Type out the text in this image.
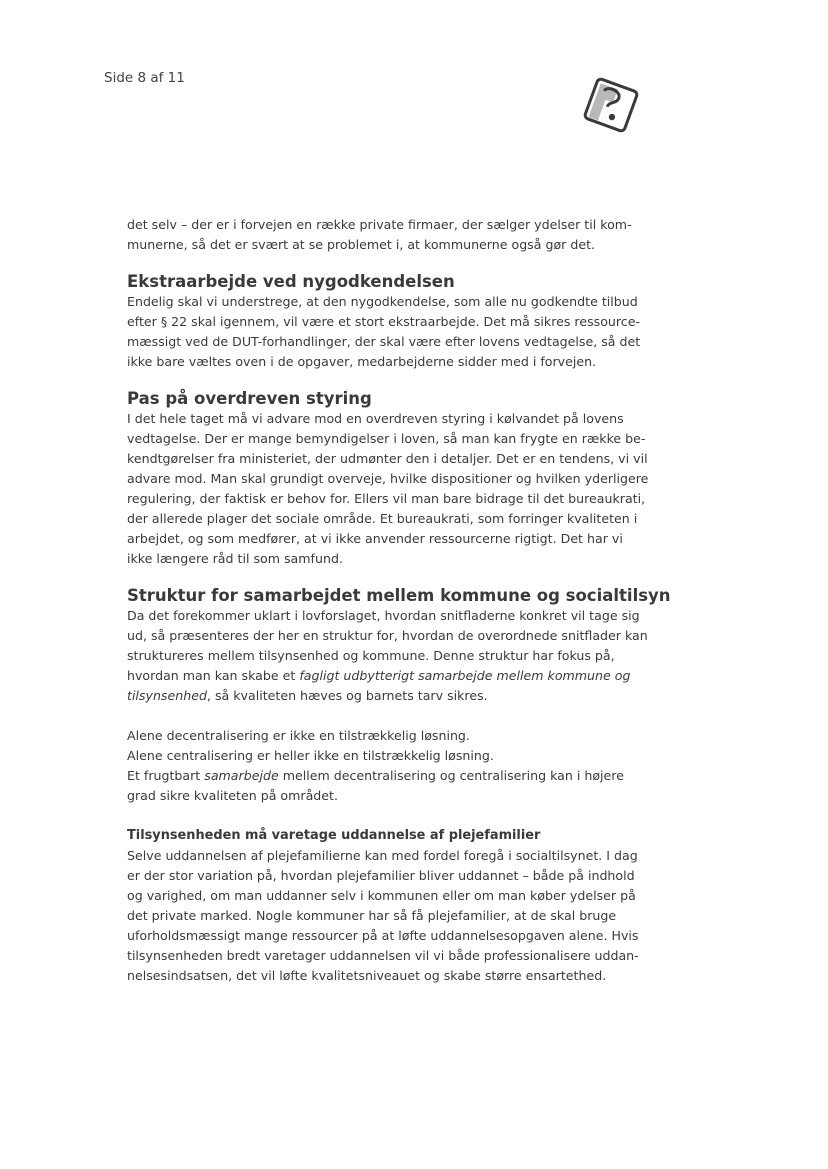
Side 8 af 11

det selv – der er i forvejen en række private firmaer, der sælger ydelser til kom-

munerne, så det er svært at se problemet i, at kommunerne også gør det.

Ekstraarbejde ved nygodkendelsen

Endelig skal vi understrege, at den nygodkendelse, som alle nu godkendte tilbud

efter § 22 skal igennem, vil være et stort ekstraarbejde. Det må sikres ressource-

mæssigt ved de DUT-forhandlinger, der skal være efter lovens vedtagelse, så det

ikke bare væltes oven i de opgaver, medarbejderne sidder med i forvejen.

Pas på overdreven styring

I det hele taget må vi advare mod en overdreven styring i kølvandet på lovens

vedtagelse. Der er mange bemyndigelser i loven, så man kan frygte en række be-

kendtgørelser fra ministeriet, der udmønter den i detaljer. Det er en tendens, vi vil

advare mod. Man skal grundigt overveje, hvilke dispositioner og hvilken yderligere

regulering, der faktisk er behov for. Ellers vil man bare bidrage til det bureaukrati,

der allerede plager det sociale område. Et bureaukrati, som forringer kvaliteten i

arbejdet, og som medfører, at vi ikke anvender ressourcerne rigtigt. Det har vi

ikke længere råd til som samfund.

Struktur for samarbejdet mellem kommune og socialtilsyn

Da det forekommer uklart i lovforslaget, hvordan snitfladerne konkret vil tage sig

ud, så præsenteres der her en struktur for, hvordan de overordnede snitflader kan

struktureres mellem tilsynsenhed og kommune. Denne struktur har fokus på,

hvordan man kan skabe et fagligt udbytterigt samarbejde mellem kommune og

tilsynsenhed, så kvaliteten hæves og barnets tarv sikres.

Alene decentralisering er ikke en tilstrækkelig løsning.

Alene centralisering er heller ikke en tilstrækkelig løsning.

Et frugtbart samarbejde mellem decentralisering og centralisering kan i højere

grad sikre kvaliteten på området.

Tilsynsenheden må varetage uddannelse af plejefamilier

Selve uddannelsen af plejefamilierne kan med fordel foregå i socialtilsynet. I dag

er der stor variation på, hvordan plejefamilier bliver uddannet – både på indhold

og varighed, om man uddanner selv i kommunen eller om man køber ydelser på

det private marked. Nogle kommuner har så få plejefamilier, at de skal bruge

uforholdsmæssigt mange ressourcer på at løfte uddannelsesopgaven alene. Hvis

tilsynsenheden bredt varetager uddannelsen vil vi både professionalisere uddan-

nelsesindsatsen, det vil løfte kvalitetsniveauet og skabe større ensartethed.
